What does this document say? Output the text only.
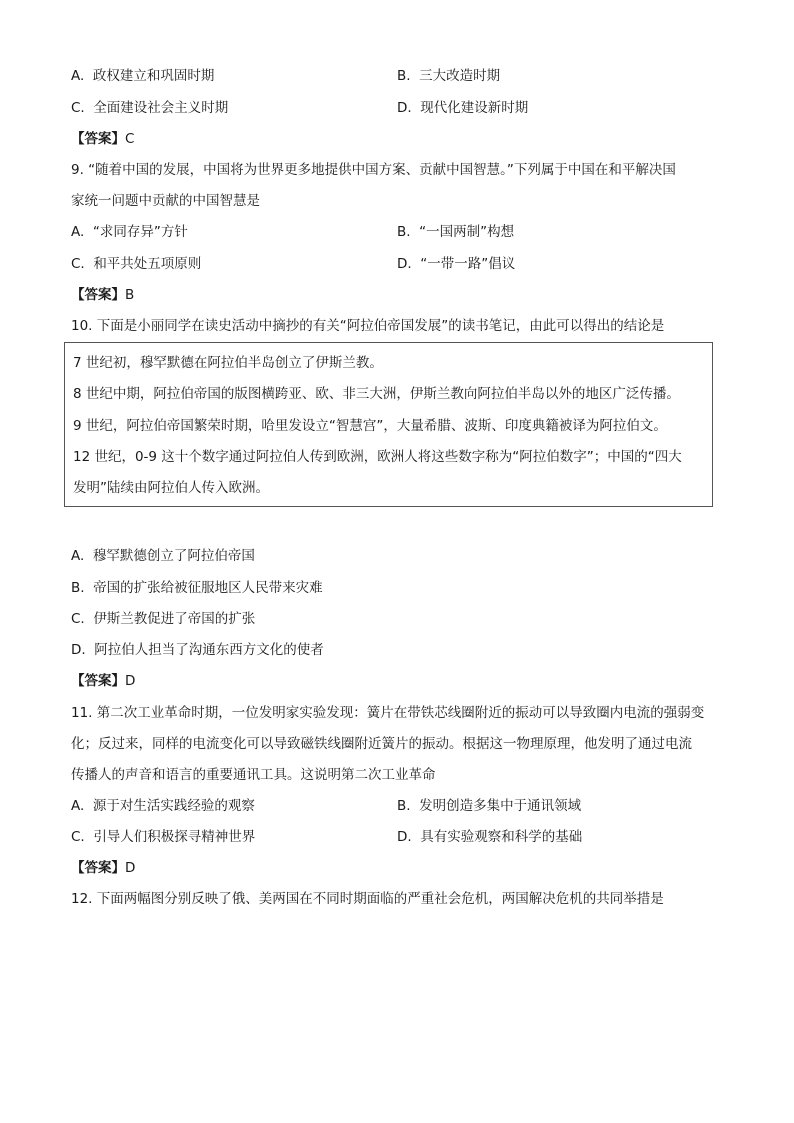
A. 政权建立和巩固时期	B. 三大改造时期
C. 全面建设社会主义时期	D. 现代化建设新时期
【答案】C
9. “随着中国的发展，中国将为世界更多地提供中国方案、贡献中国智慧。”下列属于中国在和平解决国
家统一问题中贡献的中国智慧是
A. “求同存异”方针	B. “一国两制”构想
C. 和平共处五项原则	D. “一带一路”倡议
【答案】B
10. 下面是小丽同学在读史活动中摘抄的有关“阿拉伯帝国发展”的读书笔记，由此可以得出的结论是
7 世纪初，穆罕默德在阿拉伯半岛创立了伊斯兰教。
8 世纪中期，阿拉伯帝国的版图横跨亚、欧、非三大洲，伊斯兰教向阿拉伯半岛以外的地区广泛传播。
9 世纪，阿拉伯帝国繁荣时期，哈里发设立“智慧宫”，大量希腊、波斯、印度典籍被译为阿拉伯文。
12 世纪，0-9 这十个数字通过阿拉伯人传到欧洲，欧洲人将这些数字称为“阿拉伯数字”；中国的“四大
发明”陆续由阿拉伯人传入欧洲。
A. 穆罕默德创立了阿拉伯帝国
B. 帝国的扩张给被征服地区人民带来灾难
C. 伊斯兰教促进了帝国的扩张
D. 阿拉伯人担当了沟通东西方文化的使者
【答案】D
11. 第二次工业革命时期，一位发明家实验发现：簧片在带铁芯线圈附近的振动可以导致圈内电流的强弱变
化；反过来，同样的电流变化可以导致磁铁线圈附近簧片的振动。根据这一物理原理，他发明了通过电流
传播人的声音和语言的重要通讯工具。这说明第二次工业革命
A. 源于对生活实践经验的观察	B. 发明创造多集中于通讯领域
C. 引导人们积极探寻精神世界	D. 具有实验观察和科学的基础
【答案】D
12. 下面两幅图分别反映了俄、美两国在不同时期面临的严重社会危机，两国解决危机的共同举措是
